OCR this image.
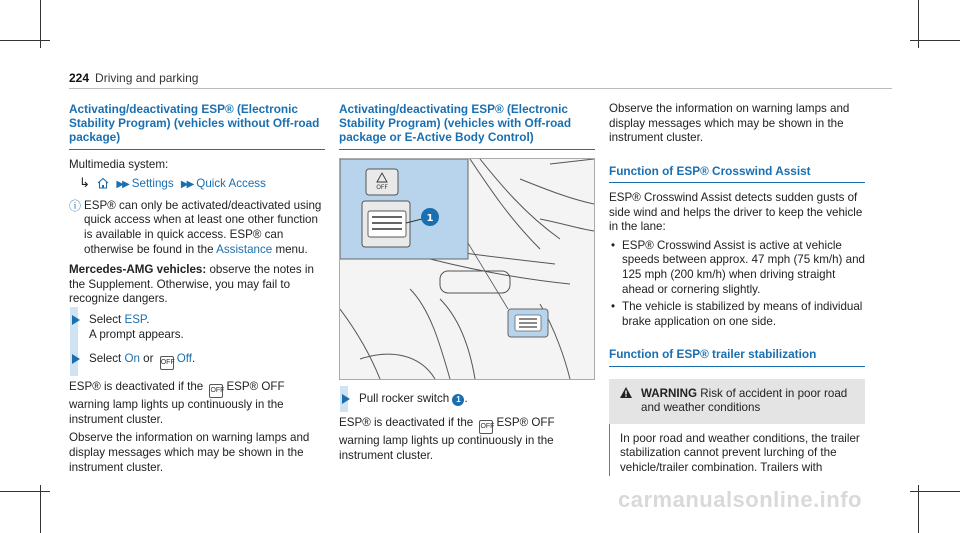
224 Driving and parking
Activating/deactivating ESP® (Electronic Stability Program) (vehicles without Off-road package)

Multimedia system:

↳	▶▶ Settings ▶▶ Quick Access
ⓘ ESP® can only be activated/deactivated using quick access when at least one other function is available in quick access. ESP® can otherwise be found in the Assistance menu.

Mercedes-AMG vehicles: observe the notes in the Supplement. Otherwise, you may fail to recognize dangers.

Select ESP.
A prompt appears.
Select On or OFF Off.

ESP® is deactivated if the OFF ESP® OFF warning lamp lights up continuously in the instrument cluster.

Observe the information on warning lamps and display messages which may be shown in the instrument cluster.

Activating/deactivating ESP® (Electronic Stability Program) (vehicles with Off-road package or E-Active Body Control)
OFF
1
Pull rocker switch 1 .

ESP® is deactivated if the OFF ESP® OFF warning lamp lights up continuously in the instrument cluster.

Observe the information on warning lamps and display messages which may be shown in the instrument cluster.

Function of ESP® Crosswind Assist

ESP® Crosswind Assist detects sudden gusts of side wind and helps the driver to keep the vehicle in the lane:

• ESP® Crosswind Assist is active at vehicle speeds between approx. 47 mph (75 km/h) and 125 mph (200 km/h) when driving straight ahead or cornering slightly.
• The vehicle is stabilized by means of individual brake application on one side.
Function of ESP® trailer stabilization
WARNING Risk of accident in poor road and weather conditions
In poor road and weather conditions, the trailer stabilization cannot prevent lurching of the vehicle/trailer combination. Trailers with
carmanualsonline.info
